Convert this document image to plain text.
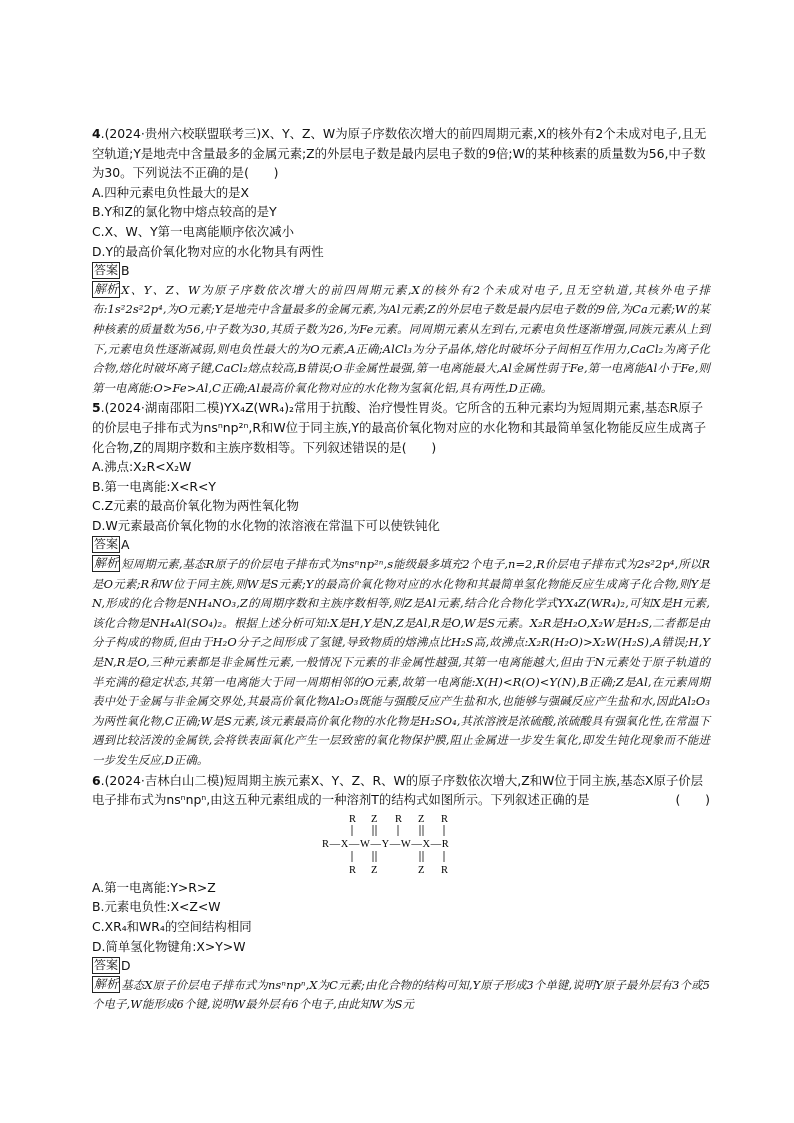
4.(2024·贵州六校联盟联考三)X、Y、Z、W为原子序数依次增大的前四周期元素,X的核外有2个未成对电子,且无空轨道;Y是地壳中含量最多的金属元素;Z的外层电子数是最内层电子数的9倍;W的某种核素的质量数为56,中子数为30。下列说法不正确的是(　　)

A.四种元素电负性最大的是X

B.Y和Z的氯化物中熔点较高的是Y

C.X、W、Y第一电离能顺序依次减小

D.Y的最高价氧化物对应的水化物具有两性

答案 B

解析 X、Y、Z、W为原子序数依次增大的前四周期元素,X的核外有2个未成对电子,且无空轨道,其核外电子排布:1s²2s²2p⁴,为O元素;Y是地壳中含量最多的金属元素,为Al元素;Z的外层电子数是最内层电子数的9倍,为Ca元素;W的某种核素的质量数为56,中子数为30,其质子数为26,为Fe元素。同周期元素从左到右,元素电负性逐渐增强,同族元素从上到下,元素电负性逐渐减弱,则电负性最大的为O元素,A正确;AlCl₃为分子晶体,熔化时破坏分子间相互作用力,CaCl₂为离子化合物,熔化时破坏离子键,CaCl₂熔点较高,B错误;O非金属性最强,第一电离能最大,Al金属性弱于Fe,第一电离能Al小于Fe,则第一电离能:O>Fe>Al,C正确;Al最高价氧化物对应的水化物为氢氧化铝,具有两性,D正确。

5.(2024·湖南邵阳二模)YX₄Z(WR₄)₂常用于抗酸、治疗慢性胃炎。它所含的五种元素均为短周期元素,基态R原子的价层电子排布式为nsⁿnp²ⁿ,R和W位于同主族,Y的最高价氧化物对应的水化物和其最简单氢化物能反应生成离子化合物,Z的周期序数和主族序数相等。下列叙述错误的是(　　)

A.沸点:X₂R<X₂W

B.第一电离能:X<R<Y

C.Z元素的最高价氧化物为两性氧化物

D.W元素最高价氧化物的水化物的浓溶液在常温下可以使铁钝化

答案 A

解析 短周期元素,基态R原子的价层电子排布式为nsⁿnp²ⁿ,s能级最多填充2个电子,n=2,R价层电子排布式为2s²2p⁴,所以R是O元素;R和W位于同主族,则W是S元素;Y的最高价氧化物对应的水化物和其最简单氢化物能反应生成离子化合物,则Y是N,形成的化合物是NH₄NO₃,Z的周期序数和主族序数相等,则Z是Al元素,结合化合物化学式YX₄Z(WR₄)₂,可知X是H元素,该化合物是NH₄Al(SO₄)₂。根据上述分析可知:X是H,Y是N,Z是Al,R是O,W是S元素。X₂R是H₂O,X₂W是H₂S,二者都是由分子构成的物质,但由于H₂O分子之间形成了氢键,导致物质的熔沸点比H₂S高,故沸点:X₂R(H₂O)>X₂W(H₂S),A错误;H,Y是N,R是O,三种元素都是非金属性元素,一般情况下元素的非金属性越强,其第一电离能越大,但由于N元素处于原子轨道的半充满的稳定状态,其第一电离能大于同一周期相邻的O元素,故第一电离能:X(H)<R(O)<Y(N),B正确;Z是Al,在元素周期表中处于金属与非金属交界处,其最高价氧化物Al₂O₃既能与强酸反应产生盐和水,也能够与强碱反应产生盐和水,因此Al₂O₃为两性氧化物,C正确;W是S元素,该元素最高价氧化物的水化物是H₂SO₄,其浓溶液是浓硫酸,浓硫酸具有强氧化性,在常温下遇到比较活泼的金属铁,会将铁表面氧化产生一层致密的氧化物保护膜,阻止金属进一步发生氧化,即发生钝化现象而不能进一步发生反应,D正确。

6.(2024·吉林白山二模)短周期主族元素X、Y、Z、R、W的原子序数依次增大,Z和W位于同主族,基态X原子价层电子排布式为nsⁿnpⁿ,由这五种元素组成的一种溶剂T的结构式如图所示。下列叙述正确的是	(　　)

R Z R Z R
R—X—W—Y—W—X—R
R Z	Z R

A.第一电离能:Y>R>Z

B.元素电负性:X<Z<W

C.XR₄和WR₄的空间结构相同

D.简单氢化物键角:X>Y>W

答案 D

解析 基态X原子价层电子排布式为nsⁿnpⁿ,X为C元素;由化合物的结构可知,Y原子形成3个单键,说明Y原子最外层有3个或5个电子,W能形成6个键,说明W最外层有6个电子,由此知W为S元
